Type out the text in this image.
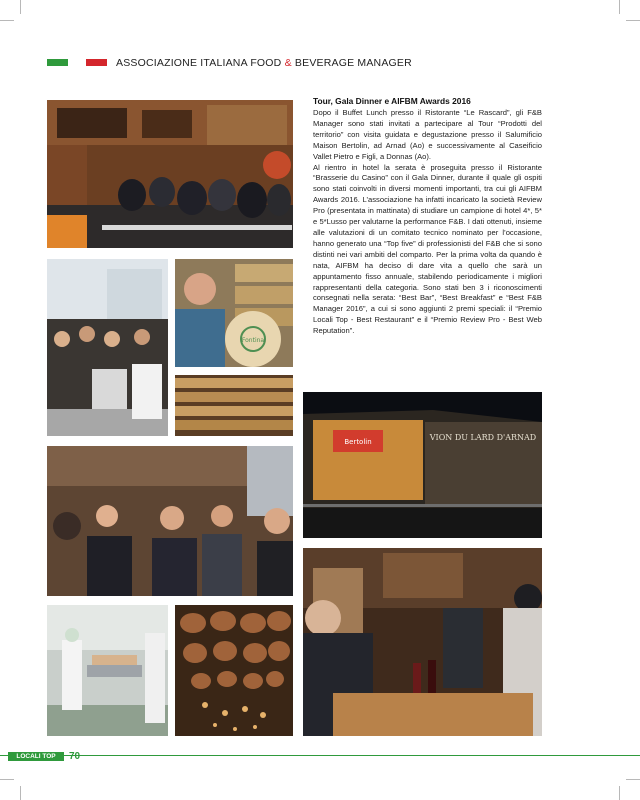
ASSOCIAZIONE ITALIANA FOOD & BEVERAGE MANAGER
Fontina
Bertolin	VION DU LARD D'ARNAD
Tour, Gala Dinner e AIFBM Awards 2016

Dopo il Buffet Lunch presso il Ristorante “Le Rascard”, gli F&B Manager sono stati invitati a partecipare al Tour “Prodotti del territorio” con visita guidata e degustazione presso il Salumificio Maison Bertolin, ad Arnad (Ao) e successivamente al Caseificio Vallet Pietro e Figli, a Donnas (Ao).

Al rientro in hotel la serata è proseguita presso il Ristorante “Brasserie du Casino” con il Gala Dinner, durante il quale gli ospiti sono stati coinvolti in diversi momenti importanti, tra cui gli AIFBM Awards 2016. L’associazione ha infatti incaricato la società Review Pro (presentata in mattinata) di studiare un campione di hotel 4*, 5* e 5*Lusso per valutarne la performance F&B. I dati ottenuti, insieme alle valutazioni di un comitato tecnico nominato per l’occasione, hanno generato una “Top five” di professionisti del F&B che si sono distinti nei vari ambiti del comparto. Per la prima volta da quando è nata, AIFBM ha deciso di dare vita a quello che sarà un appuntamento fisso annuale, stabilendo periodicamente i migliori rappresentanti della categoria. Sono stati ben 3 i riconoscimenti consegnati nella serata: “Best Bar”, “Best Breakfast” e “Best F&B Manager 2016”, a cui si sono aggiunti 2 premi speciali: il “Premio Locali Top - Best Restaurant” e il “Premio Review Pro - Best Web Reputation”.

LOCALI TOP	70
